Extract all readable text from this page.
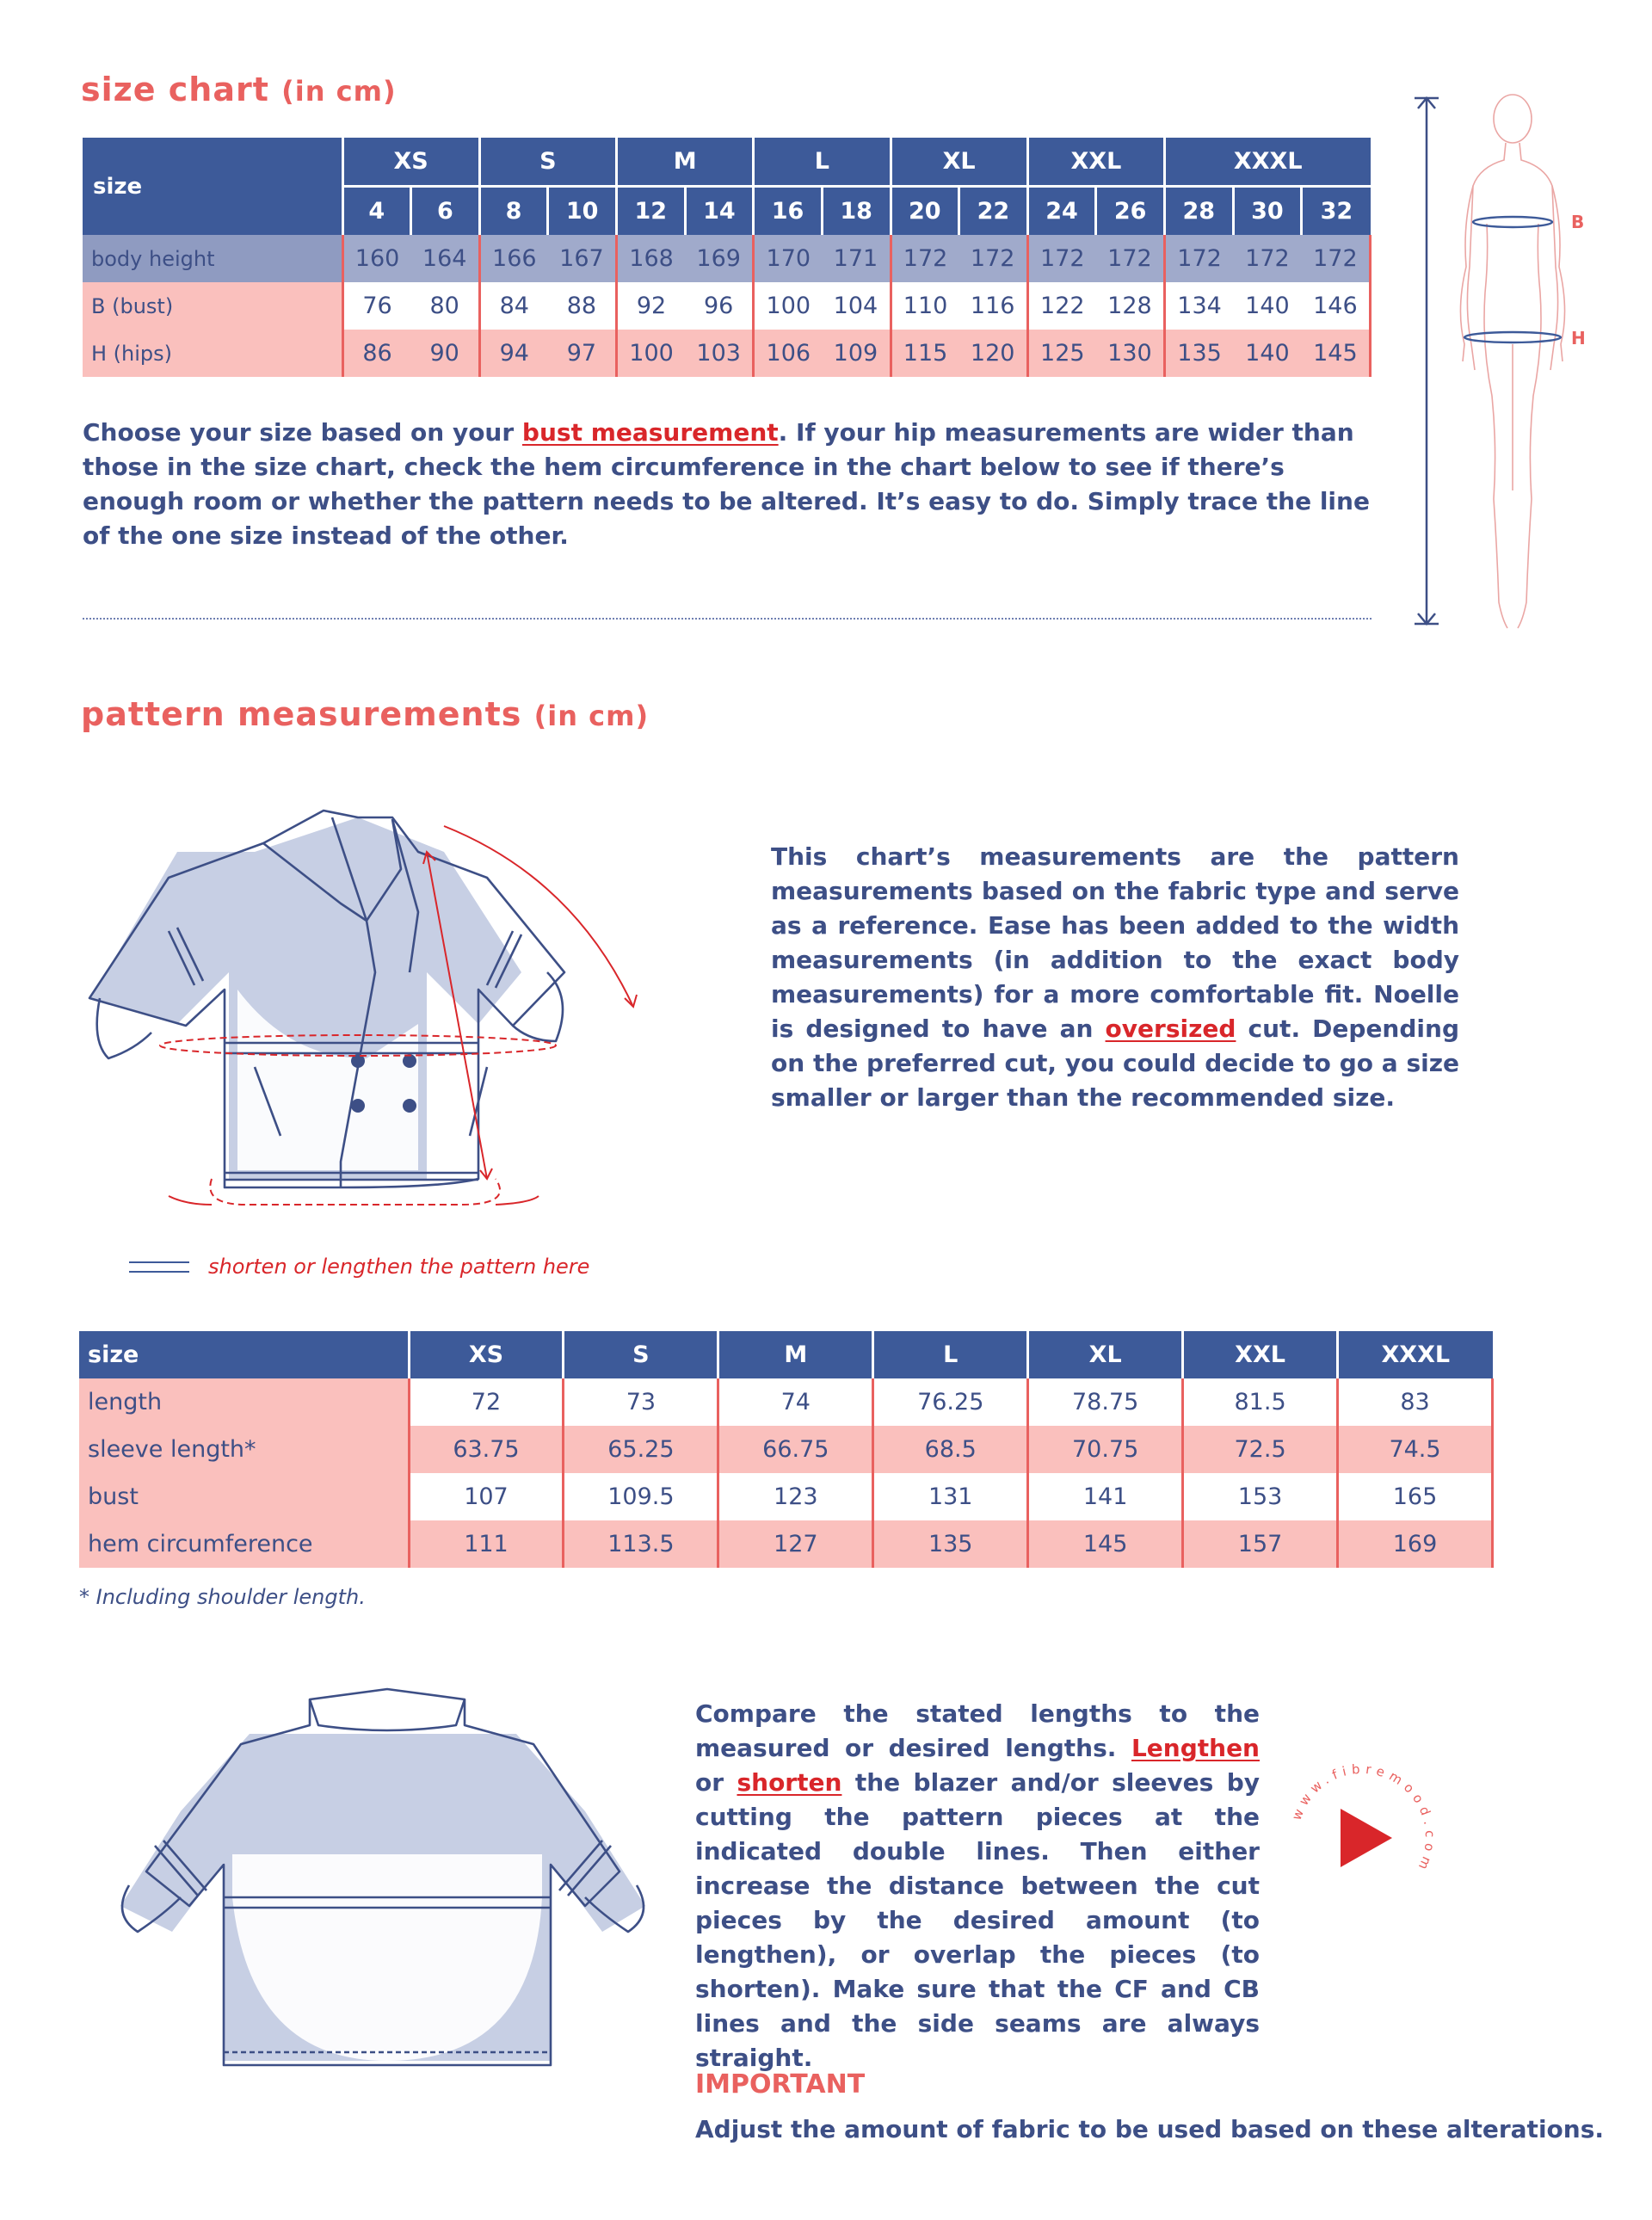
size chart (in cm)
size	XS		S		M		L		XL		XXL		XXXL		
	4	6	8	10	12	14	16	18	20	22	24	26	28	30	32
body height	160	164	166	167	168	169	170	171	172	172	172	172	172	172	172
B (bust)	76	80	84	88	92	96	100	104	110	116	122	128	134	140	146
H (hips)	86	90	94	97	100	103	106	109	115	120	125	130	135	140	145
Choose your size based on your bust measurement. If your hip measurements are wider than those in the size chart, check the hem circumference in the chart below to see if there’s enough room or whether the pattern needs to be altered. It’s easy to do. Simply trace the line of the one size instead of the other.
B
H
pattern measurements (in cm)
shorten or lengthen the pattern here
This chart’s measurements are the pattern measurements based on the fabric type and serve as a reference. Ease has been added to the width measurements (in addition to the exact body measurements) for a more comfortable fit. Noelle is designed to have an oversized cut. Depending on the preferred cut, you could decide to go a size smaller or larger than the recommended size.
size	XS	S	M	L	XL	XXL	XXXL
length	72	73	74	76.25	78.75	81.5	83
sleeve length*	63.75	65.25	66.75	68.5	70.75	72.5	74.5
bust	107	109.5	123	131	141	153	165
hem circumference	111	113.5	127	135	145	157	169
* Including shoulder length.
Compare the stated lengths to the measured or desired lengths. Lengthen or shorten the blazer and/or sleeves by cutting the pattern pieces at the indicated double lines. Then either increase the distance between the cut pieces by the desired amount (to lengthen), or overlap the pieces (to shorten). Make sure that the CF and CB lines and the side seams are always straight.
IMPORTANT
Adjust the amount of fabric to be used based on these alterations.
www.fibremood.com
